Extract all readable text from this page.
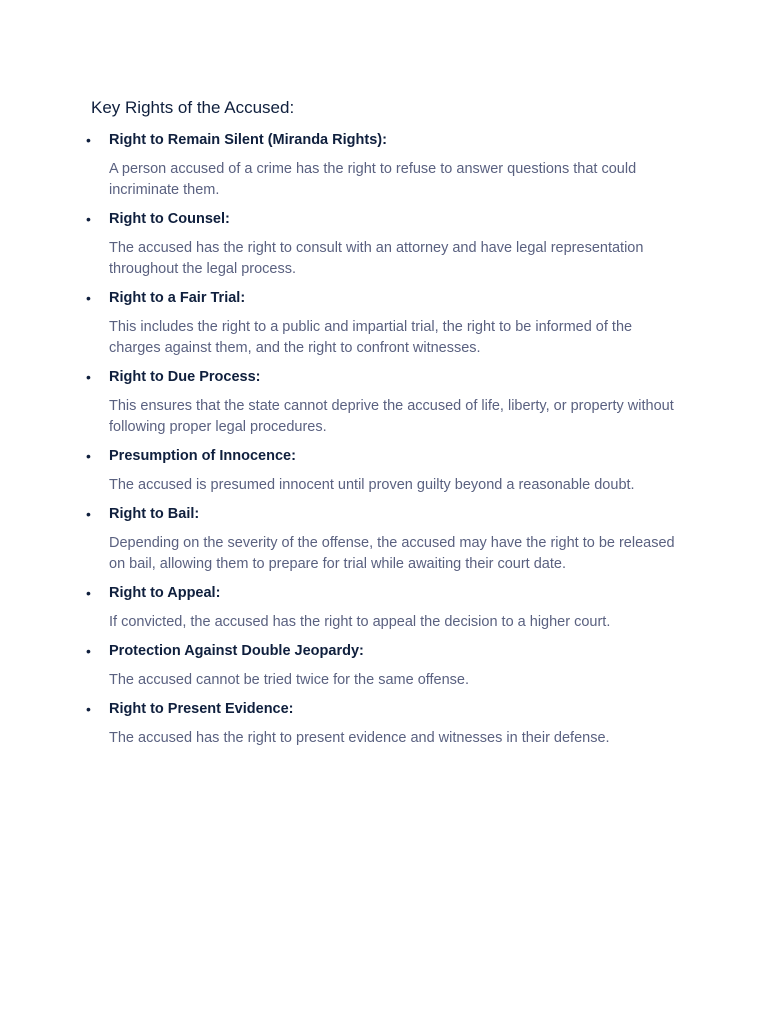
Key Rights of the Accused:
• Right to Remain Silent (Miranda Rights):
A person accused of a crime has the right to refuse to answer questions that could incriminate them.
• Right to Counsel:
The accused has the right to consult with an attorney and have legal representation throughout the legal process.
• Right to a Fair Trial:
This includes the right to a public and impartial trial, the right to be informed of the charges against them, and the right to confront witnesses.
• Right to Due Process:
This ensures that the state cannot deprive the accused of life, liberty, or property without following proper legal procedures.
• Presumption of Innocence:
The accused is presumed innocent until proven guilty beyond a reasonable doubt.
• Right to Bail:
Depending on the severity of the offense, the accused may have the right to be released on bail, allowing them to prepare for trial while awaiting their court date.
• Right to Appeal:
If convicted, the accused has the right to appeal the decision to a higher court.
• Protection Against Double Jeopardy:
The accused cannot be tried twice for the same offense.
• Right to Present Evidence:
The accused has the right to present evidence and witnesses in their defense.
